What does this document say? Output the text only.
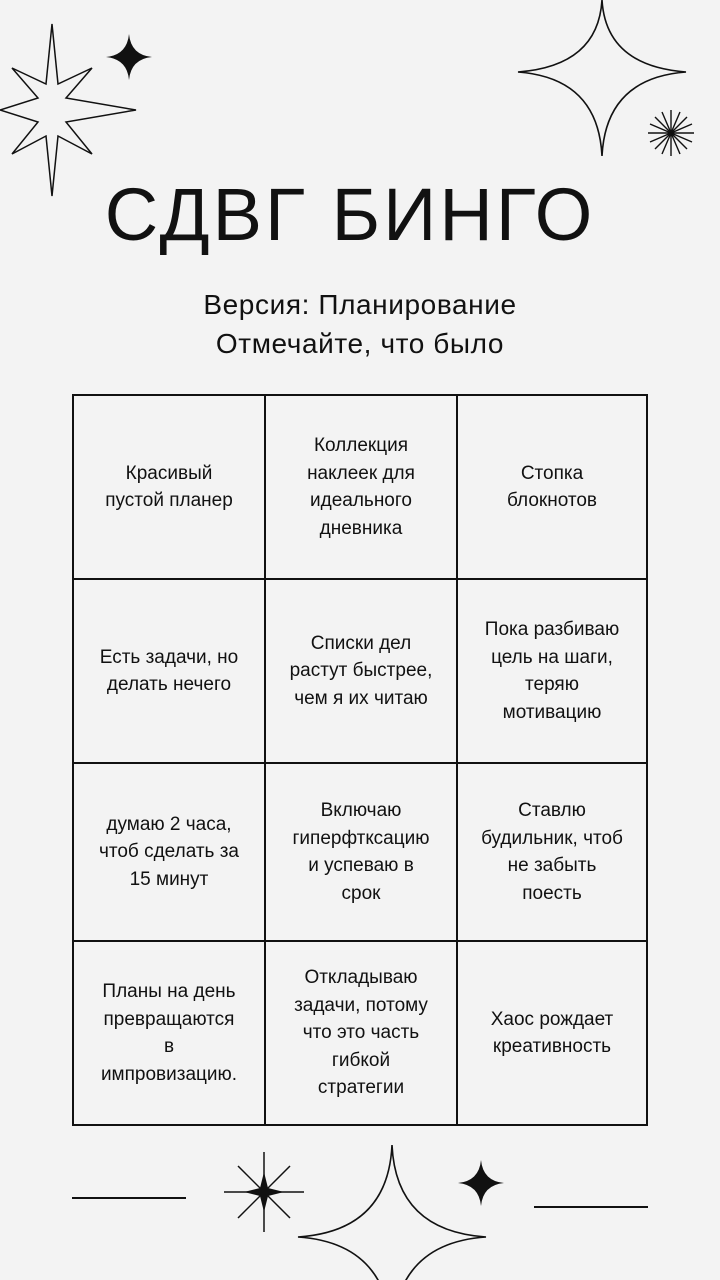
СДВГ БИНГО
Версия: Планирование
Отмечайте, что было
Красивый
пустой планер
Коллекция
наклеек для
идеального
дневника
Стопка
блокнотов
Есть задачи, но
делать нечего
Списки дел
растут быстрее,
чем я их читаю
Пока разбиваю
цель на шаги,
теряю
мотивацию
думаю 2 часа,
чтоб сделать за
15 минут
Включаю
гиперфткcацию
и успеваю в
срок
Ставлю
будильник, чтоб
не забыть
поесть
Планы на день
превращаются
в
импровизацию.
Откладываю
задачи, потому
что это часть
гибкой
стратегии
Хаос рождает
креативность
